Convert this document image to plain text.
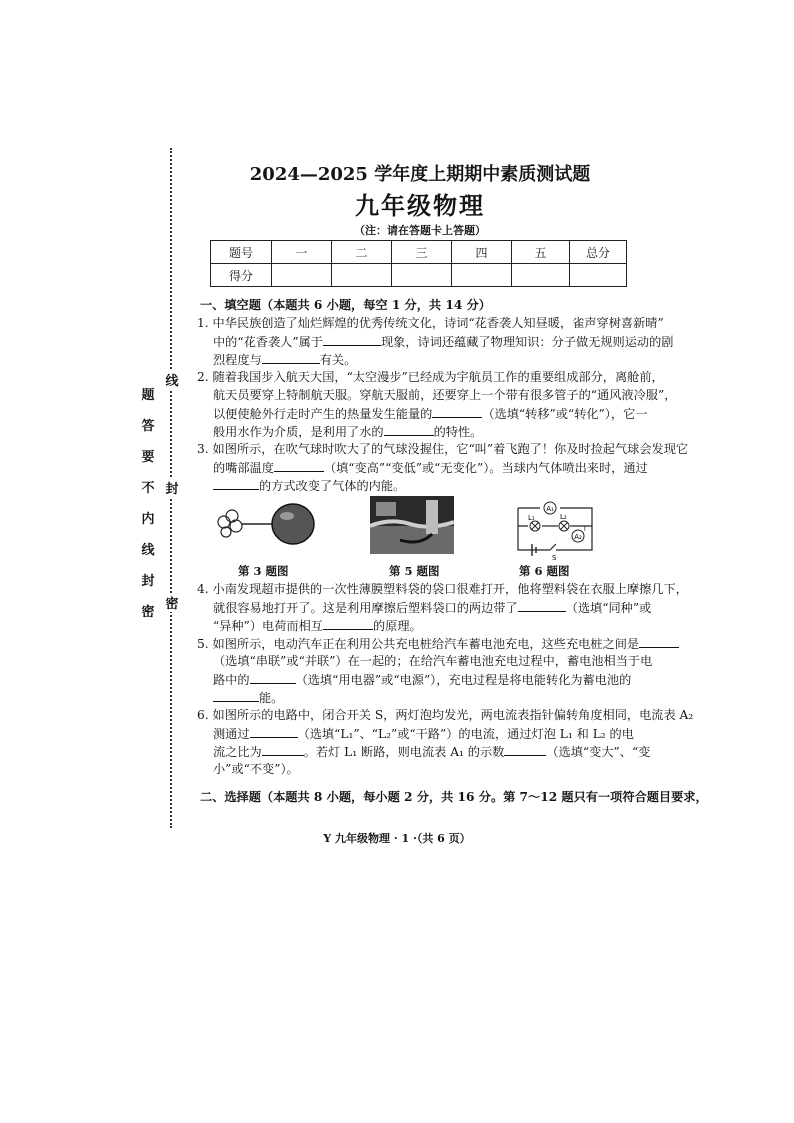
题
答
要
不
内
线
封
密
线
封
密
2024—2025 学年度上期期中素质测试题
九年级物理
（注：请在答题卡上答题）
题号	一	二	三	四	五	总分
得分						
一、填空题（本题共 6 小题，每空 1 分，共 14 分）
1. 中华民族创造了灿烂辉煌的优秀传统文化，诗词“花香袭人知昼暖，雀声穿树喜新晴”
中的“花香袭人”属于	现象，诗词还蕴藏了物理知识：分子做无规则运动的剧
烈程度与	有关。
2. 随着我国步入航天大国，“太空漫步”已经成为宇航员工作的重要组成部分，离舱前，
航天员要穿上特制航天服。穿航天服前，还要穿上一个带有很多管子的“通风液冷服”，
以便使舱外行走时产生的热量发生能量的	（选填“转移”或“转化”），它一
般用水作为介质，是利用了水的	的特性。
3. 如图所示，在吹气球时吹大了的气球没握住，它“叫”着飞跑了！你及时捡起气球会发现它
的嘴部温度	（填“变高”“变低”或“无变化”）。当球内气体喷出来时，通过
的方式改变了气体的内能。
第 3 题图	第 5 题图
A₁
L₁	L₂
A₂
I
S
第 6 题图
4. 小南发现超市提供的一次性薄膜塑料袋的袋口很难打开，他将塑料袋在衣服上摩擦几下，
就很容易地打开了。这是利用摩擦后塑料袋口的两边带了	（选填“同种”或
“异种”）电荷而相互	的原理。
5. 如图所示，电动汽车正在利用公共充电桩给汽车蓄电池充电，这些充电桩之间是
（选填“串联”或“并联”）在一起的；在给汽车蓄电池充电过程中，蓄电池相当于电
路中的	（选填“用电器”或“电源”），充电过程是将电能转化为蓄电池的
能。
6. 如图所示的电路中，闭合开关 S，两灯泡均发光，两电流表指针偏转角度相同，电流表 A₂
测通过	（选填“L₁”、“L₂”或“干路”）的电流，通过灯泡 L₁ 和 L₂ 的电
流之比为	。若灯 L₁ 断路，则电流表 A₁ 的示数	（选填“变大”、“变
小”或“不变”）。
二、选择题（本题共 8 小题，每小题 2 分，共 16 分。第 7～12 题只有一项符合题目要求，
Y 九年级物理 · 1 ·（共 6 页）
